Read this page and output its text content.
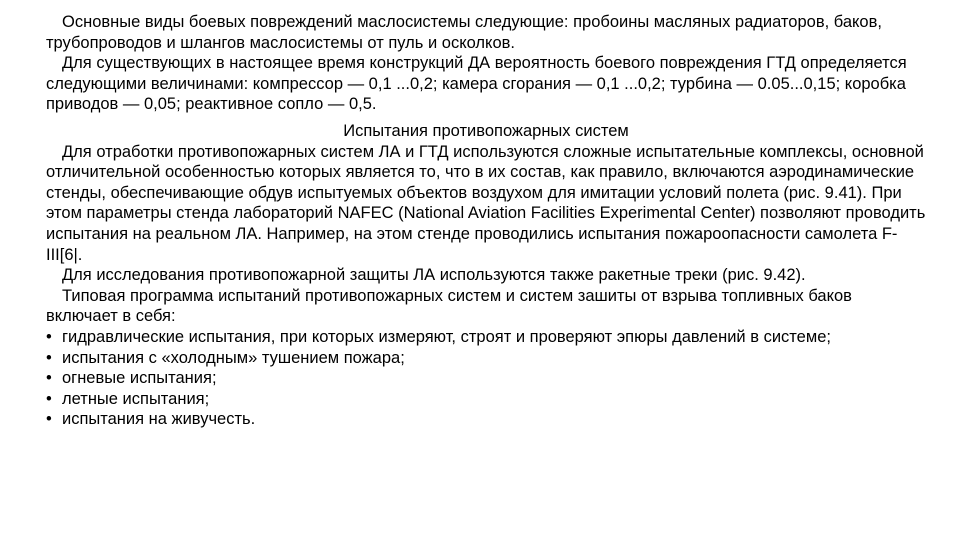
Основные виды боевых повреждений маслосистемы следующие: пробоины масляных радиаторов, баков, трубопроводов и шлангов маслосистемы от пуль и осколков.

Для существующих в настоящее время конструкций ДА вероятность боевого повреждения ГТД определяется следующими величинами: компрессор — 0,1 ...0,2; камера сгорания — 0,1 ...0,2; турбина — 0.05...0,15; коробка приводов — 0,05; реактивное сопло — 0,5.

Испытания противопожарных систем

Для отработки противопожарных систем ЛА и ГТД используются сложные испытательные комплексы, основной отличительной особенностью которых является то, что в их состав, как правило, включаются аэродинамические стенды, обеспечивающие обдув испытуемых объектов воздухом для имитации условий полета (рис. 9.41). При этом параметры стенда лабораторий NAFEC (National Aviation Facilities Experimental Center) позволяют проводить испытания на реальном ЛА. Например, на этом стенде проводились испытания пожароопасности самолета F-III[6|.

Для исследования противопожарной защиты ЛА используются также ракетные треки (рис. 9.42).

Типовая программа испытаний противопожарных систем и систем зашиты от взрыва топливных баков включает в себя:

• гидравлические испытания, при которых измеряют, строят и проверяют эпюры давлений в системе;
• испытания с «холодным» тушением пожара;
• огневые испытания;
• летные испытания;
• испытания на живучесть.
